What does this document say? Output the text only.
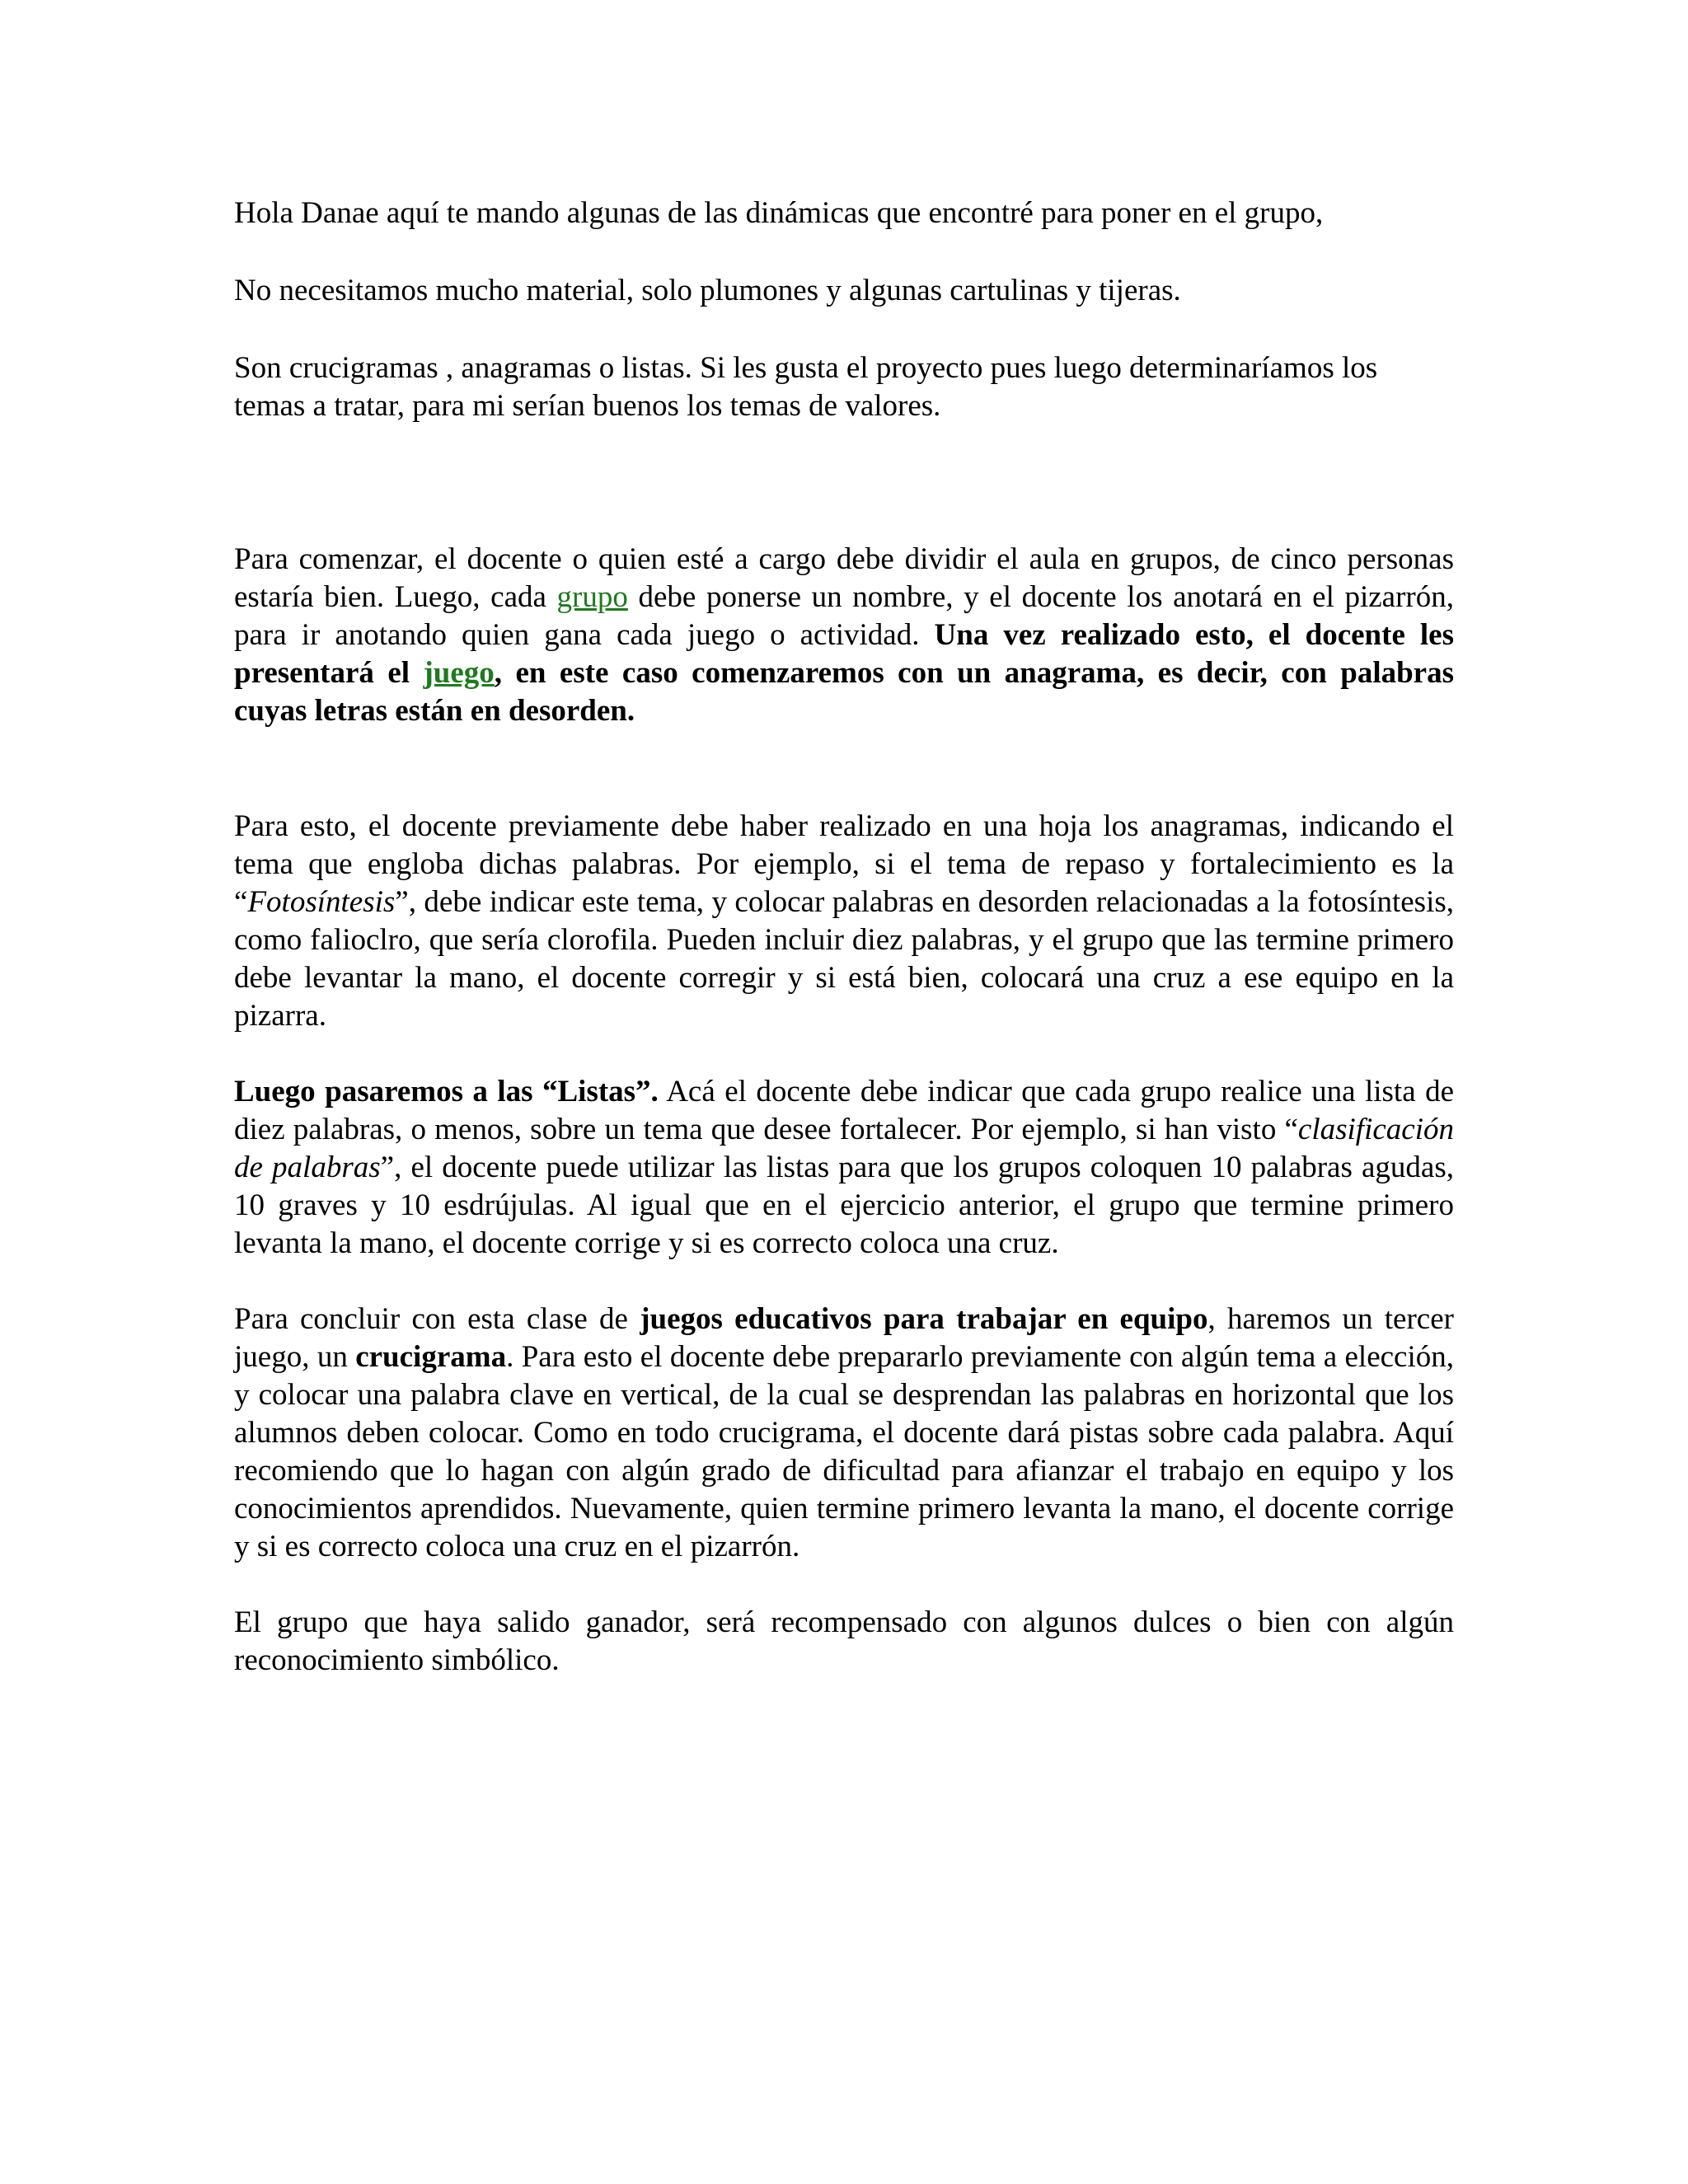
Hola Danae aquí te mando algunas de las dinámicas que encontré para poner en el grupo,

No necesitamos mucho material, solo plumones y algunas cartulinas y tijeras.

Son crucigramas , anagramas o listas. Si les gusta el proyecto pues luego determinaríamos los temas a tratar, para mi serían buenos los temas de valores.

Para comenzar, el docente o quien esté a cargo debe dividir el aula en grupos, de cinco personas estaría bien. Luego, cada grupo debe ponerse un nombre, y el docente los anotará en el pizarrón, para ir anotando quien gana cada juego o actividad. Una vez realizado esto, el docente les presentará el juego, en este caso comenzaremos con un anagrama, es decir, con palabras cuyas letras están en desorden.

Para esto, el docente previamente debe haber realizado en una hoja los anagramas, indicando el tema que engloba dichas palabras. Por ejemplo, si el tema de repaso y fortalecimiento es la “Fotosíntesis”, debe indicar este tema, y colocar palabras en desorden relacionadas a la fotosíntesis, como falioclro, que sería clorofila. Pueden incluir diez palabras, y el grupo que las termine primero debe levantar la mano, el docente corregir y si está bien, colocará una cruz a ese equipo en la pizarra.

Luego pasaremos a las “Listas”. Acá el docente debe indicar que cada grupo realice una lista de diez palabras, o menos, sobre un tema que desee fortalecer. Por ejemplo, si han visto “clasificación de palabras”, el docente puede utilizar las listas para que los grupos coloquen 10 palabras agudas, 10 graves y 10 esdrújulas. Al igual que en el ejercicio anterior, el grupo que termine primero levanta la mano, el docente corrige y si es correcto coloca una cruz.

Para concluir con esta clase de juegos educativos para trabajar en equipo, haremos un tercer juego, un crucigrama. Para esto el docente debe prepararlo previamente con algún tema a elección, y colocar una palabra clave en vertical, de la cual se desprendan las palabras en horizontal que los alumnos deben colocar. Como en todo crucigrama, el docente dará pistas sobre cada palabra. Aquí recomiendo que lo hagan con algún grado de dificultad para afianzar el trabajo en equipo y los conocimientos aprendidos. Nuevamente, quien termine primero levanta la mano, el docente corrige y si es correcto coloca una cruz en el pizarrón.

El grupo que haya salido ganador, será recompensado con algunos dulces o bien con algún reconocimiento simbólico.
